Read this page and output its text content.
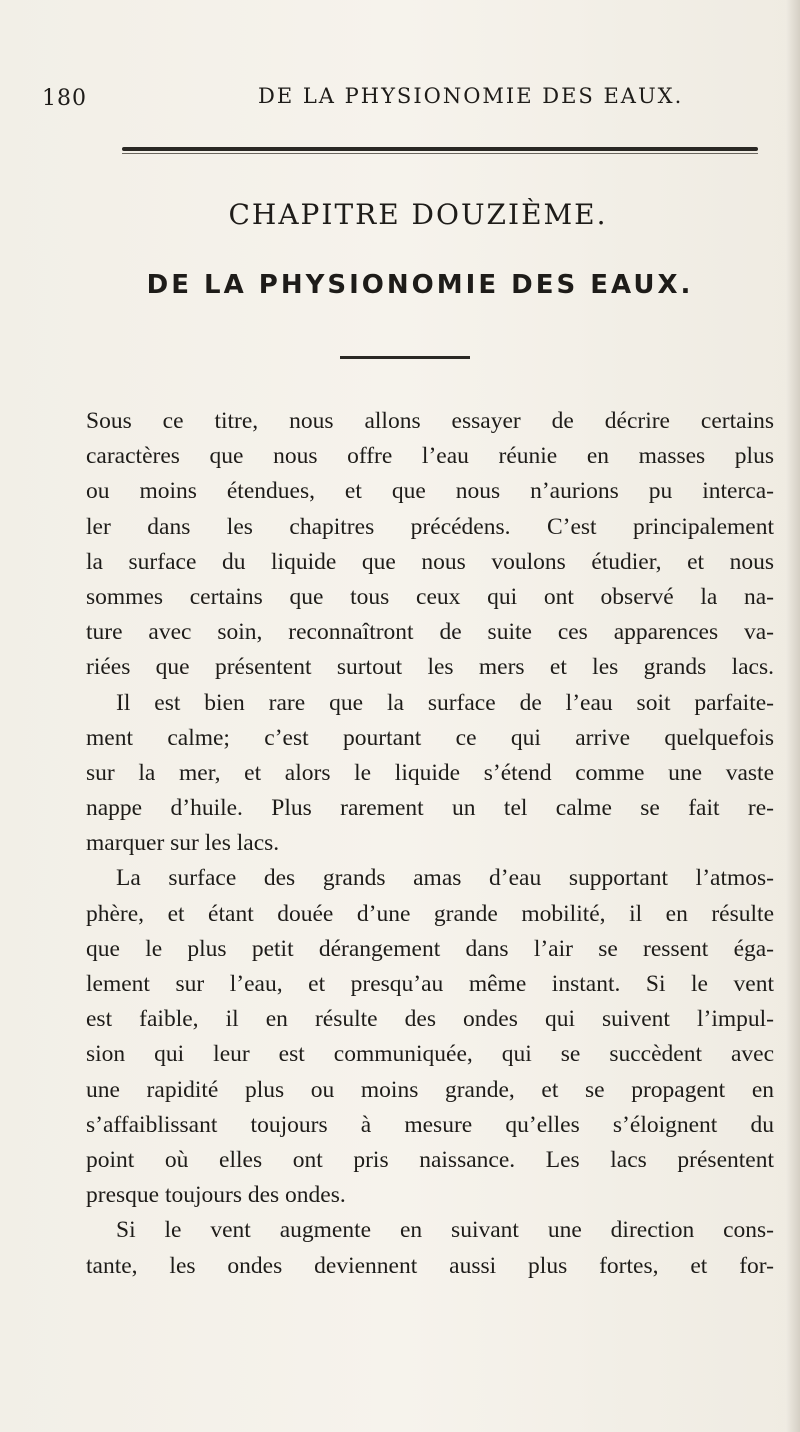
180	DE LA PHYSIONOMIE DES EAUX.
CHAPITRE DOUZIÈME.
DE LA PHYSIONOMIE DES EAUX.
Sous ce titre, nous allons essayer de décrire certains
caractères que nous offre l’eau réunie en masses plus
ou moins étendues, et que nous n’aurions pu interca-
ler dans les chapitres précédens. C’est principalement
la surface du liquide que nous voulons étudier, et nous
sommes certains que tous ceux qui ont observé la na-
ture avec soin, reconnaîtront de suite ces apparences va-
riées que présentent surtout les mers et les grands lacs.
Il est bien rare que la surface de l’eau soit parfaite-
ment calme; c’est pourtant ce qui arrive quelquefois
sur la mer, et alors le liquide s’étend comme une vaste
nappe d’huile. Plus rarement un tel calme se fait re-
marquer sur les lacs.
La surface des grands amas d’eau supportant l’atmos-
phère, et étant douée d’une grande mobilité, il en résulte
que le plus petit dérangement dans l’air se ressent éga-
lement sur l’eau, et presqu’au même instant. Si le vent
est faible, il en résulte des ondes qui suivent l’impul-
sion qui leur est communiquée, qui se succèdent avec
une rapidité plus ou moins grande, et se propagent en
s’affaiblissant toujours à mesure qu’elles s’éloignent du
point où elles ont pris naissance. Les lacs présentent
presque toujours des ondes.
Si le vent augmente en suivant une direction cons-
tante, les ondes deviennent aussi plus fortes, et for-
